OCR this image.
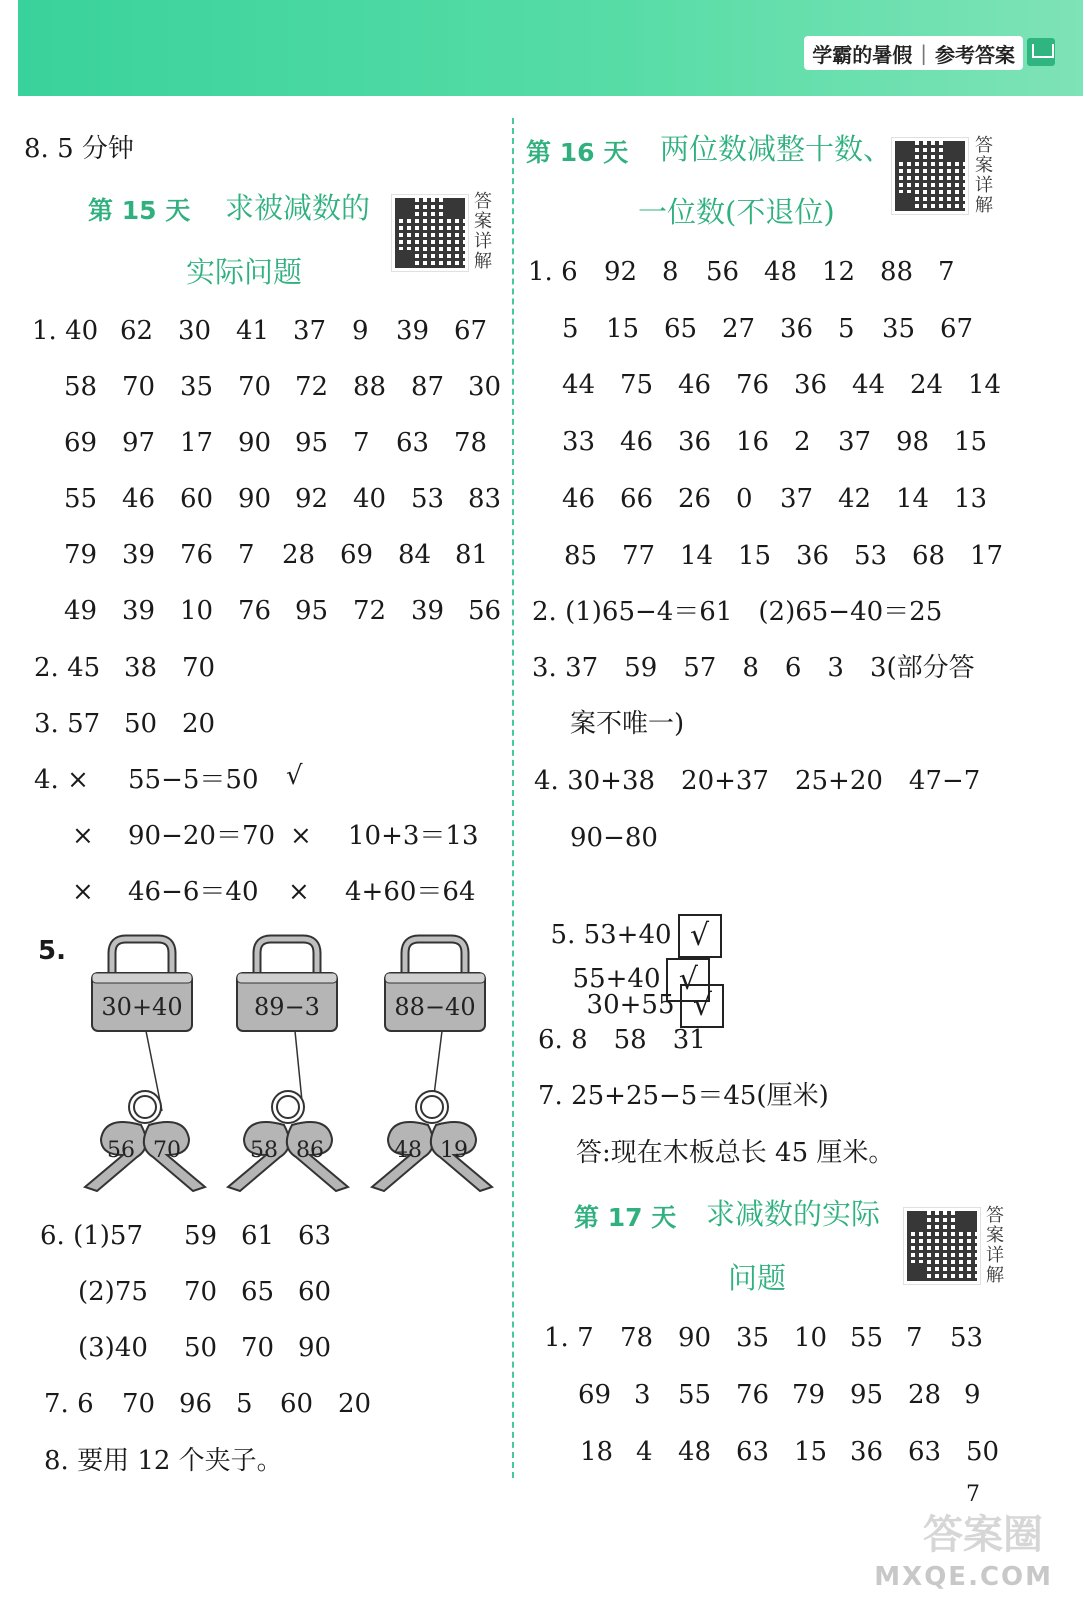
学霸的暑假 | 参考答案
8. 5 分钟
第 15 天 求被减数的
实际问题
答案详解
1. 40 62 30 41 37 9 39 67
58 70 35 70 72 88 87 30
69 97 17 90 95 7 63 78
55 46 60 90 92 40 53 83
79 39 76 7 28 69 84 81
49 39 10 76 95 72 39 56
2. 45 38 70
3. 57 50 20
4. × 55−5＝50 √
× 90−20＝70 × 10+3＝13
× 46−6＝40 × 4+60＝64
5.
30+40	89−3	88−40
56 70	58 86	48 19
6. (1)57 59 61 63
(2)75 70 65 60
(3)40 50 70 90
7. 6 70 96 5 60 20
8. 要用 12 个夹子。
第 16 天 两位数减整十数、
一位数(不退位)
答案详解
1. 6 92 8 56 48 12 88 7
5 15 65 27 36 5 35 67
44 75 46 76 36 44 24 14
33 46 36 16 2 37 98 15
46 66 26 0 37 42 14 13
85 77 14 15 36 53 68 17
2. (1)65−4＝61　(2)65−40＝25
3. 37　59　57　8　6　3　3(部分答
案不唯一)
4. 30+38　20+37　25+20　47−7
90−80

5. 53+40 √
55+40 √

30+55 √

6. 8　58　31
7. 25+25−5＝45(厘米)
答:现在木板总长 45 厘米。
第 17 天 求减数的实际
问题
答案详解
1. 7 78 90 35 10 55 7 53
69 3 55 76 79 95 28 9
18 4 48 63 15 36 63 50
7
答案圈
MXQE.COM
